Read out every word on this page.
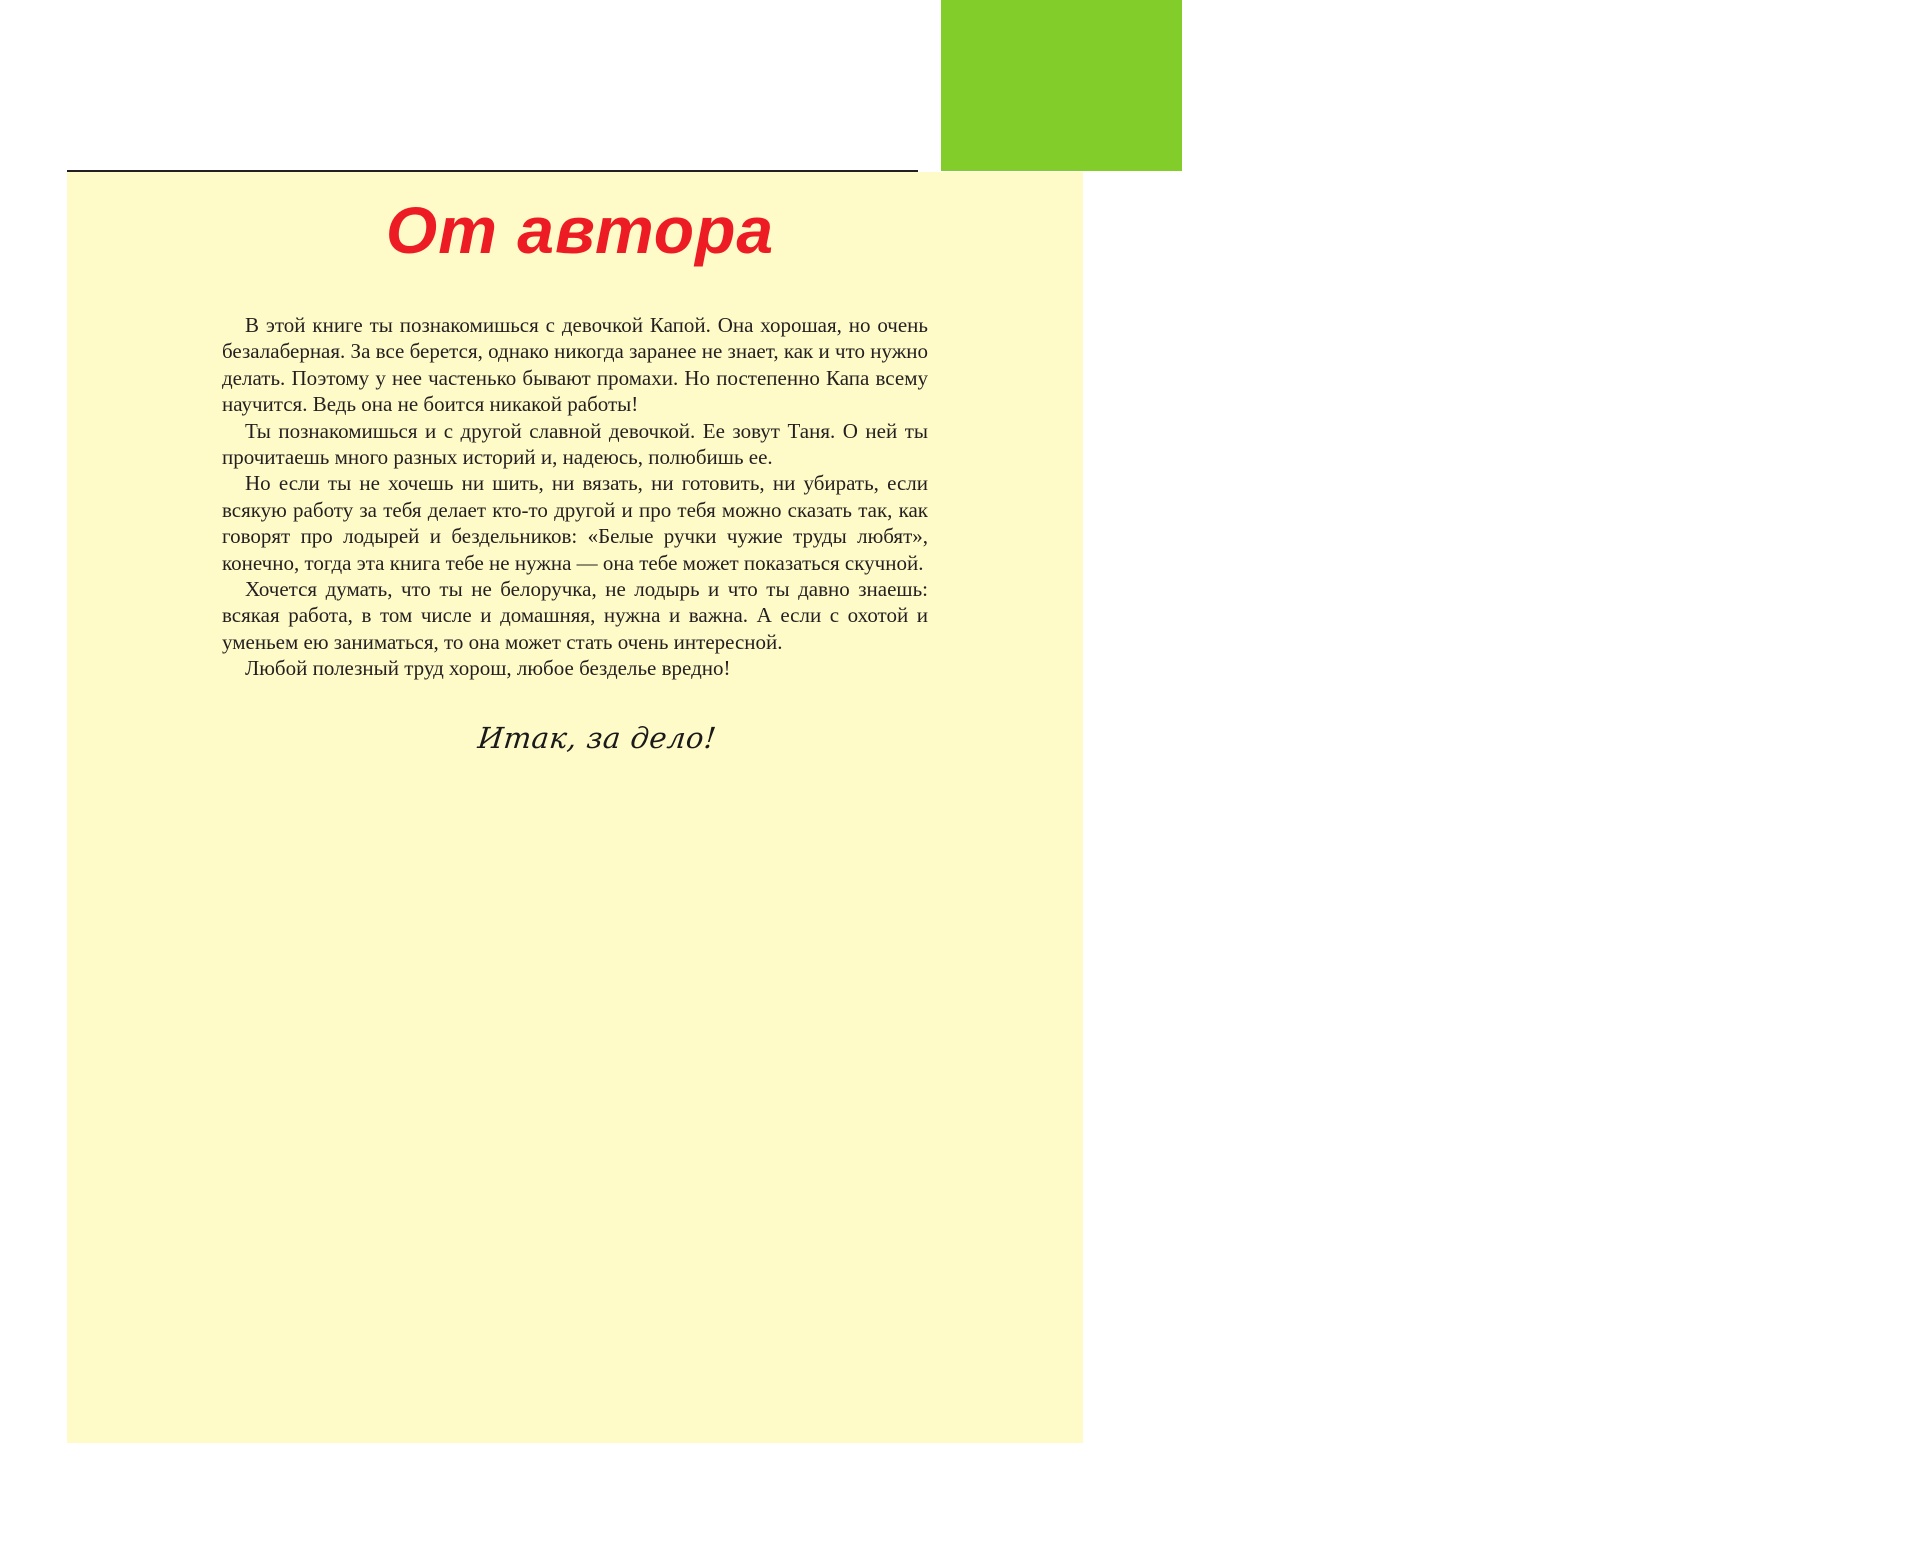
3
От автора

В этой книге ты познакомишься с девочкой Капой. Она хорошая, но очень безалаберная. За все берется, однако никогда заранее не знает, как и что нужно делать. Поэтому у нее частенько бывают промахи. Но постепенно Капа всему научится. Ведь она не боится никакой работы!

Ты познакомишься и с другой славной девочкой. Ее зовут Таня. О ней ты прочитаешь много разных историй и, надеюсь, полюбишь ее.

Но если ты не хочешь ни шить, ни вязать, ни готовить, ни убирать, если всякую работу за тебя делает кто-то другой и про тебя можно сказать так, как говорят про лодырей и бездельников: «Белые ручки чужие труды любят», конечно, тогда эта книга тебе не нужна — она тебе может показаться скучной.

Хочется думать, что ты не белоручка, не лодырь и что ты давно знаешь: всякая работа, в том числе и домашняя, нужна и важна. А если с охотой и уменьем ею заниматься, то она может стать очень интересной.

Любой полезный труд хорош, любое безделье вредно!

Итак, за дело!
